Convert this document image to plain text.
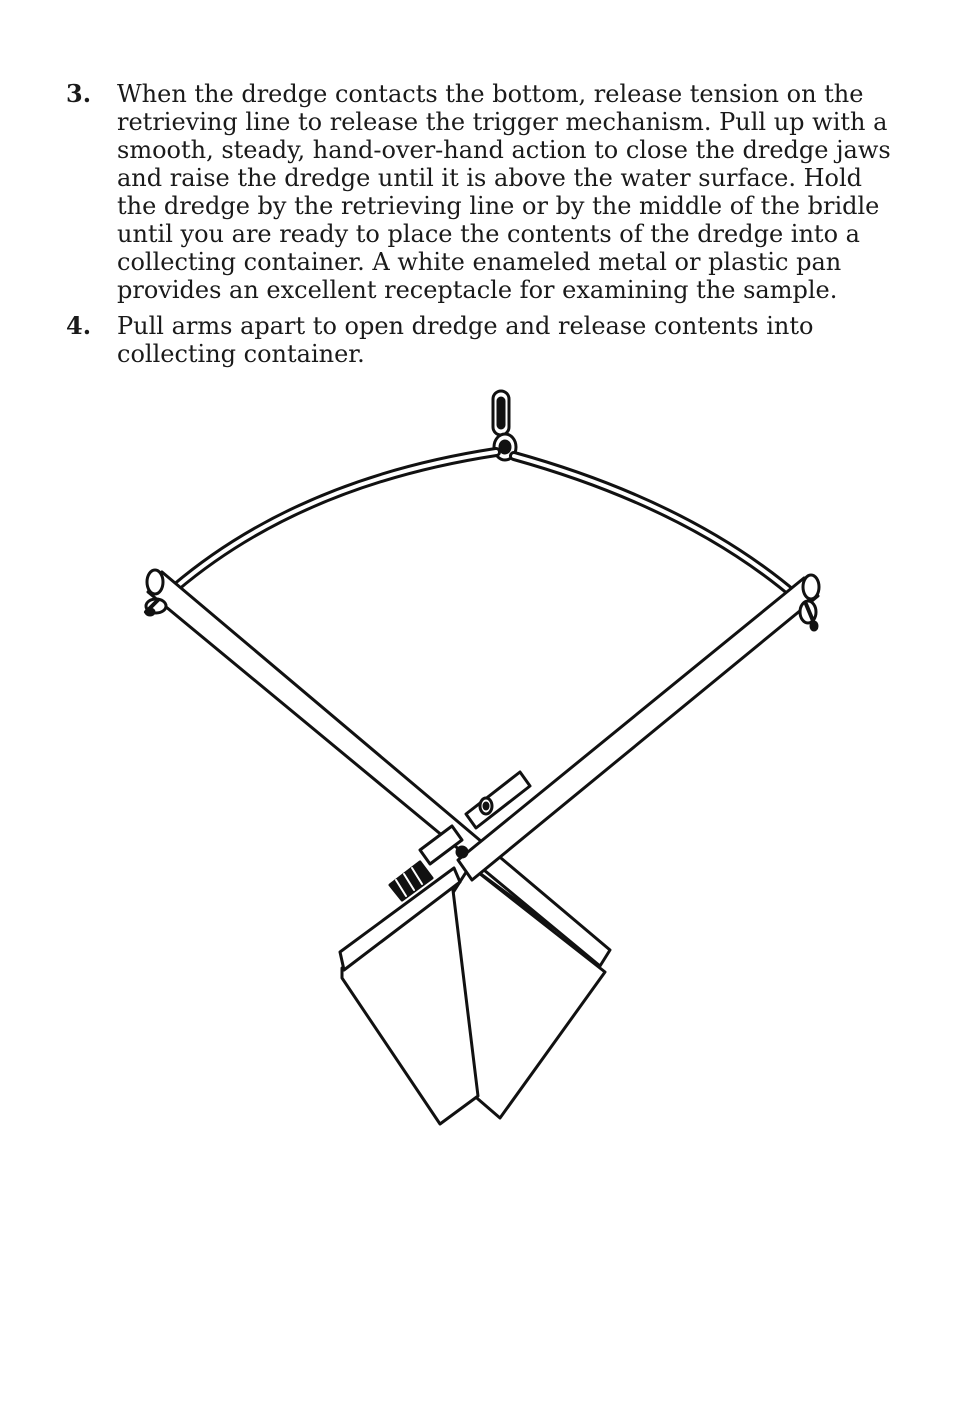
3. When the dredge contacts the bottom, release tension on the retrieving line to release the trigger mechanism. Pull up with a smooth, steady, hand-over-hand action to close the dredge jaws and raise the dredge until it is above the water surface. Hold the dredge by the retrieving line or by the middle of the bridle until you are ready to place the contents of the dredge into a collecting container. A white enameled metal or plastic pan provides an excellent receptacle for examining the sample.
4. Pull arms apart to open dredge and release contents into collecting container.
